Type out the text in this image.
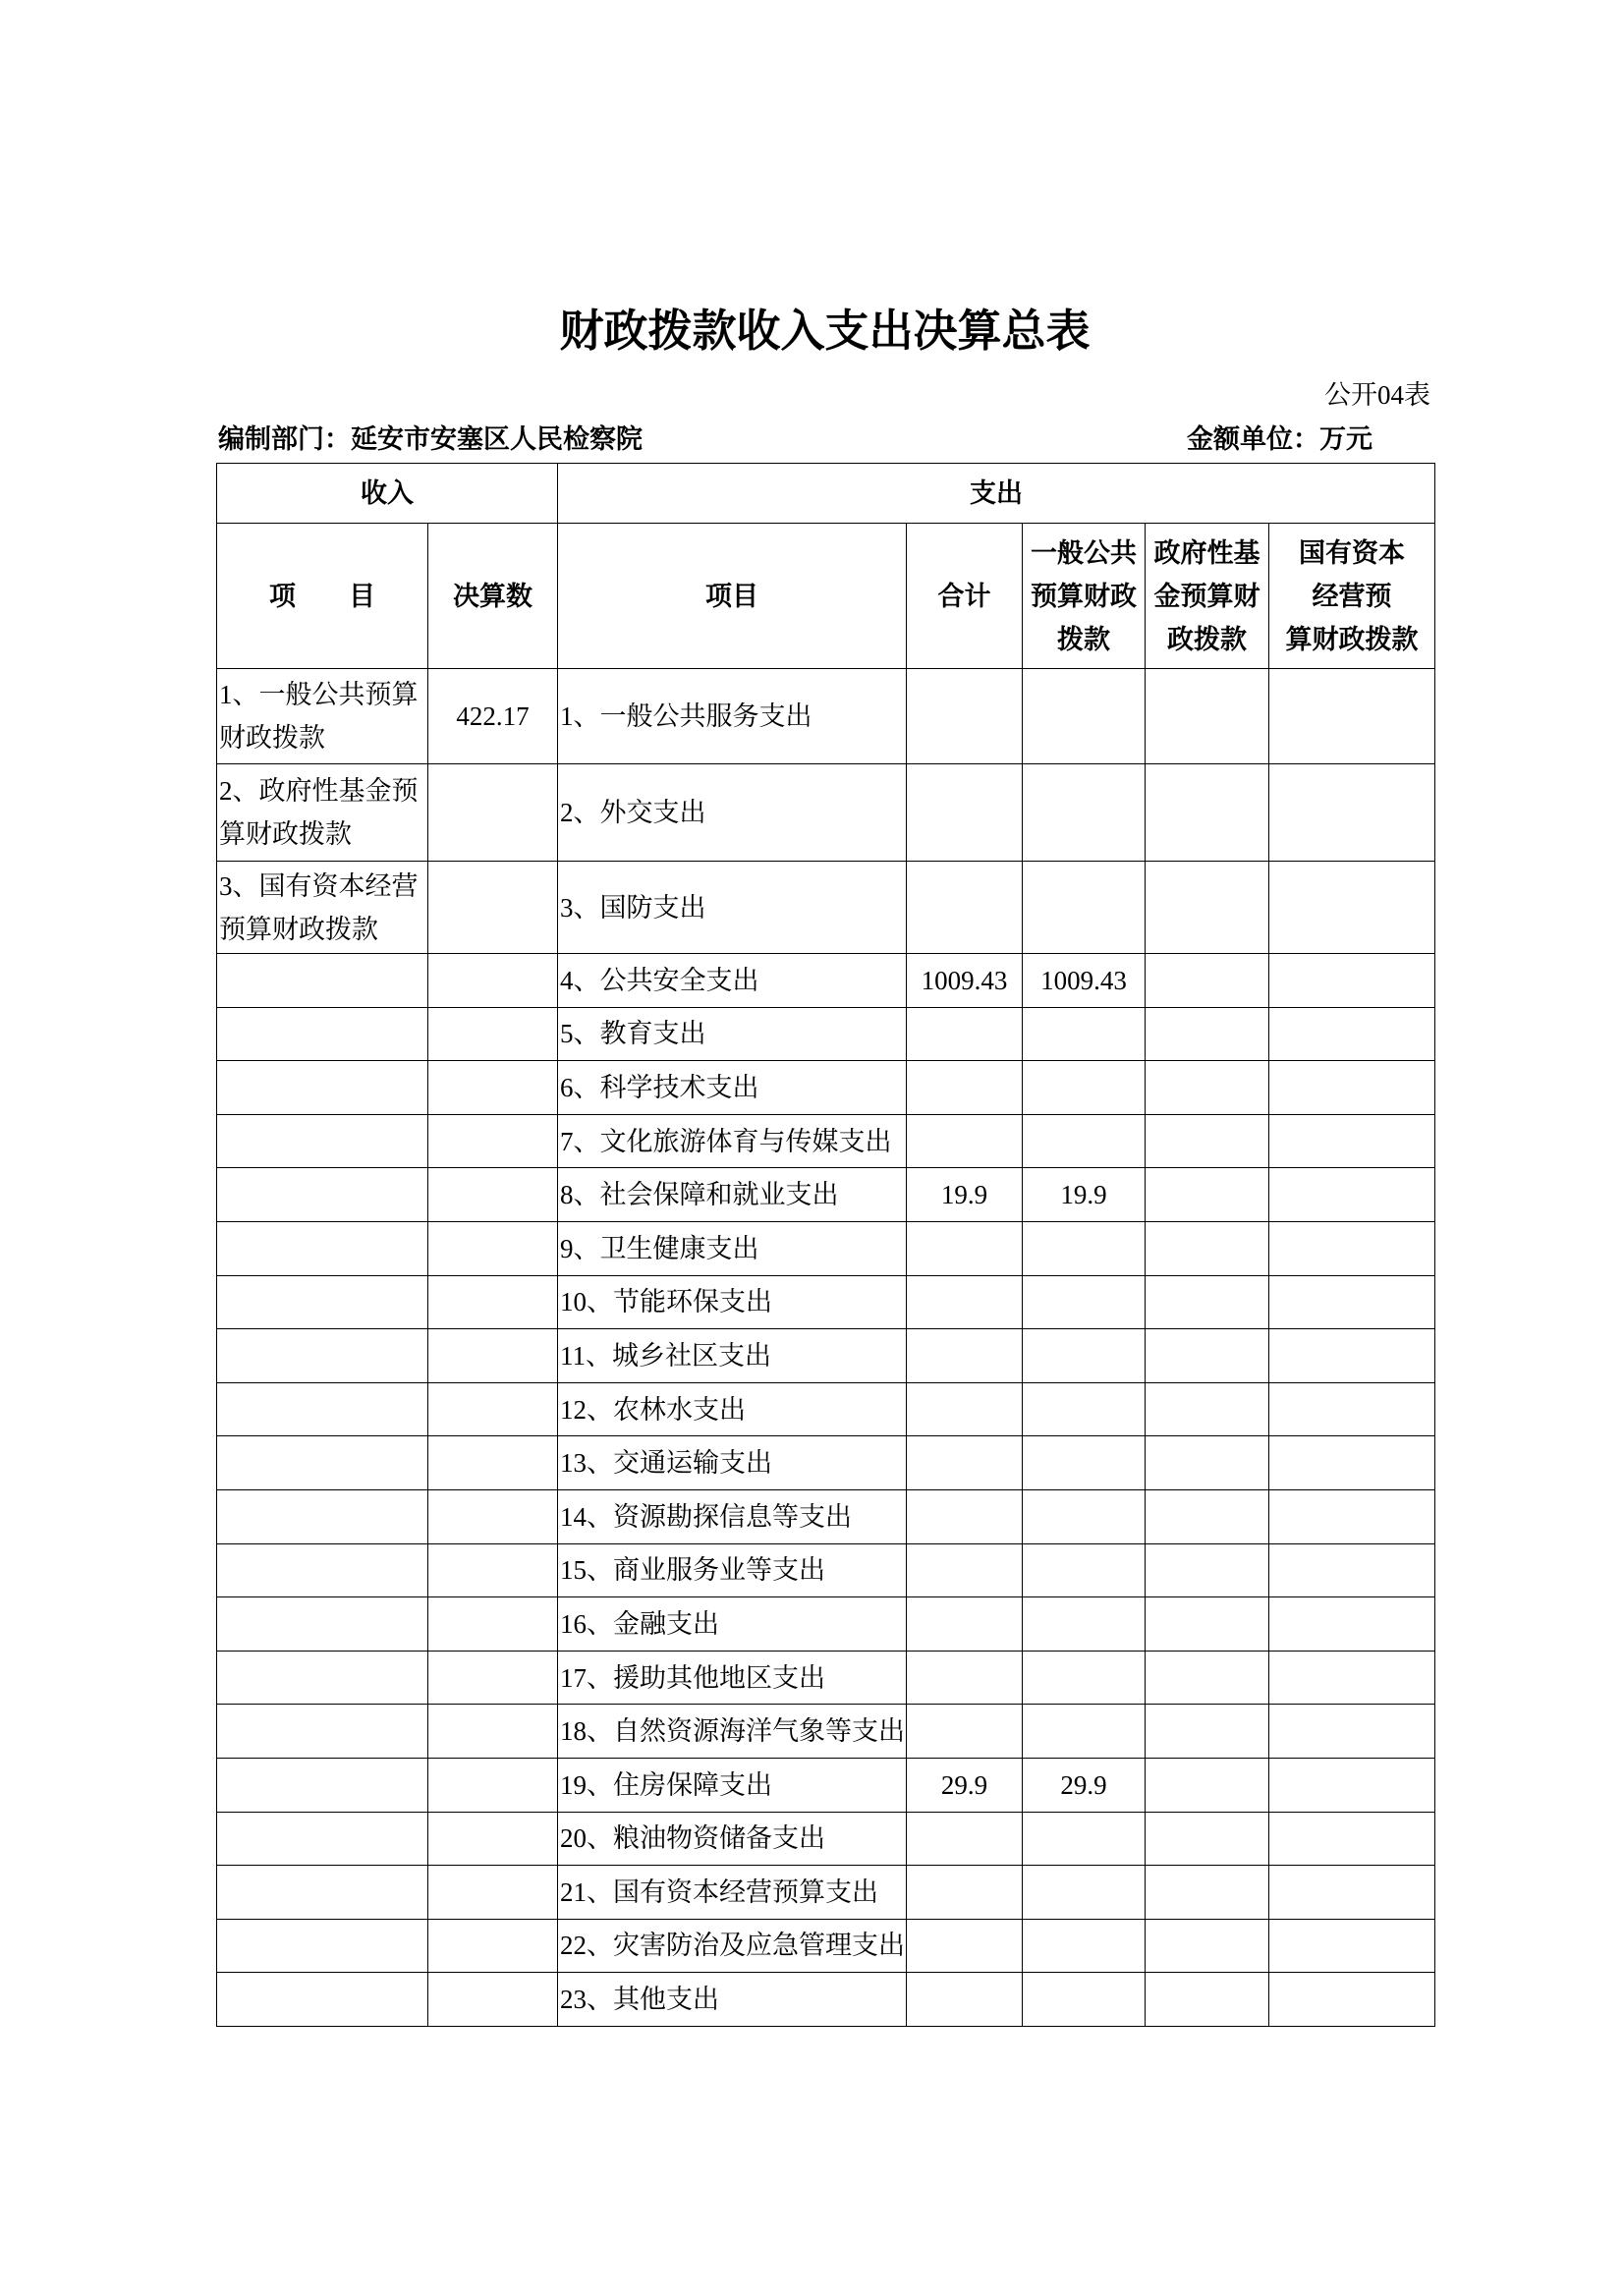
财政拨款收入支出决算总表
公开04表
编制部门：延安市安塞区人民检察院	金额单位：万元
收入		支出				
项　　目	决算数	项目	合计	一般公共
预算财政
拨款	政府性基
金预算财
政拨款	国有资本
经营预
算财政拨款
1、一般公共预算
财政拨款	422.17	1、一般公共服务支出				
2、政府性基金预
算财政拨款		2、外交支出				
3、国有资本经营
预算财政拨款		3、国防支出				
		4、公共安全支出	1009.43	1009.43		
		5、教育支出				
		6、科学技术支出				
		7、文化旅游体育与传媒支出				
		8、社会保障和就业支出	19.9	19.9		
		9、卫生健康支出				
		10、节能环保支出				
		11、城乡社区支出				
		12、农林水支出				
		13、交通运输支出				
		14、资源勘探信息等支出				
		15、商业服务业等支出				
		16、金融支出				
		17、援助其他地区支出				
		18、自然资源海洋气象等支出				
		19、住房保障支出	29.9	29.9		
		20、粮油物资储备支出				
		21、国有资本经营预算支出				
		22、灾害防治及应急管理支出				
		23、其他支出				
